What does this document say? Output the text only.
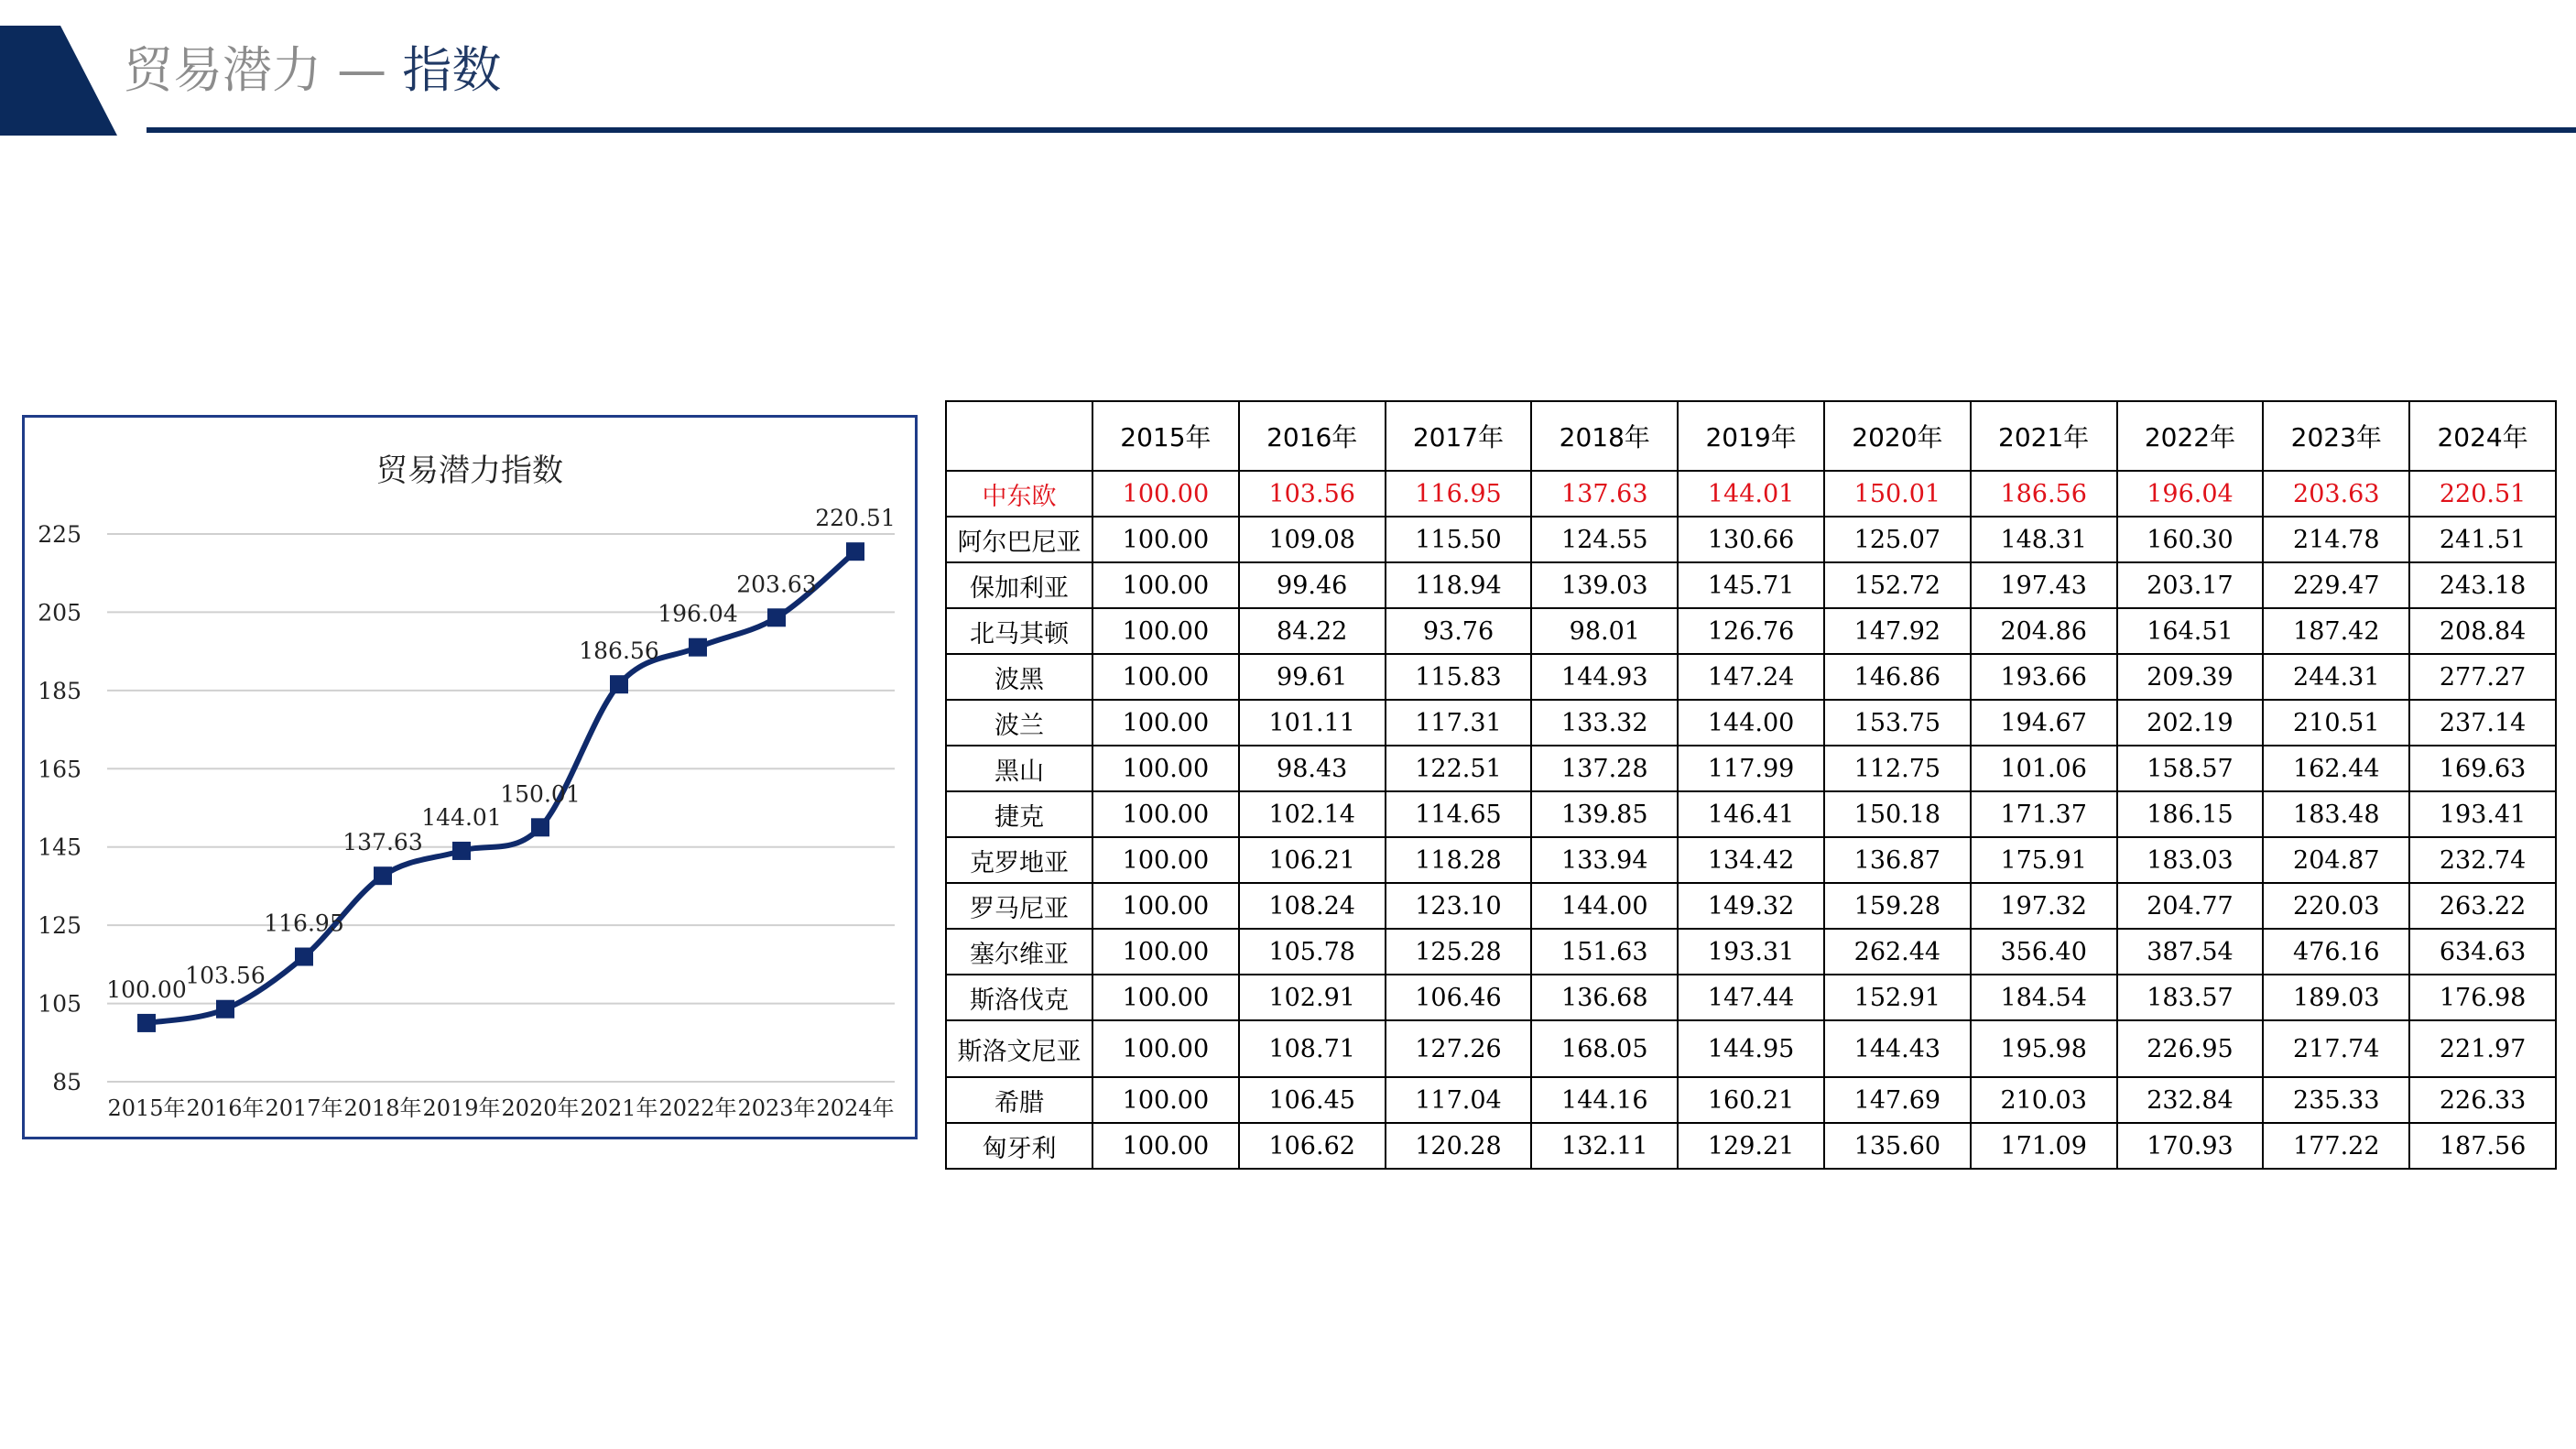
贸易潜力 — 指数
贸易潜力指数
85
105
125
145
165
185
205
225
2015年 2016年 2017年 2018年 2019年 2020年 2021年 2022年 2023年 2024年
100.00
103.56
116.95
137.63
144.01
150.01
186.56
196.04
203.63
220.51
	2015年	2016年	2017年	2018年	2019年	2020年	2021年	2022年	2023年	2024年
中东欧	100.00	103.56	116.95	137.63	144.01	150.01	186.56	196.04	203.63	220.51
阿尔巴尼亚	100.00	109.08	115.50	124.55	130.66	125.07	148.31	160.30	214.78	241.51
保加利亚	100.00	99.46	118.94	139.03	145.71	152.72	197.43	203.17	229.47	243.18
北马其顿	100.00	84.22	93.76	98.01	126.76	147.92	204.86	164.51	187.42	208.84
波黑	100.00	99.61	115.83	144.93	147.24	146.86	193.66	209.39	244.31	277.27
波兰	100.00	101.11	117.31	133.32	144.00	153.75	194.67	202.19	210.51	237.14
黑山	100.00	98.43	122.51	137.28	117.99	112.75	101.06	158.57	162.44	169.63
捷克	100.00	102.14	114.65	139.85	146.41	150.18	171.37	186.15	183.48	193.41
克罗地亚	100.00	106.21	118.28	133.94	134.42	136.87	175.91	183.03	204.87	232.74
罗马尼亚	100.00	108.24	123.10	144.00	149.32	159.28	197.32	204.77	220.03	263.22
塞尔维亚	100.00	105.78	125.28	151.63	193.31	262.44	356.40	387.54	476.16	634.63
斯洛伐克	100.00	102.91	106.46	136.68	147.44	152.91	184.54	183.57	189.03	176.98
斯洛文尼亚	100.00	108.71	127.26	168.05	144.95	144.43	195.98	226.95	217.74	221.97
希腊	100.00	106.45	117.04	144.16	160.21	147.69	210.03	232.84	235.33	226.33
匈牙利	100.00	106.62	120.28	132.11	129.21	135.60	171.09	170.93	177.22	187.56
